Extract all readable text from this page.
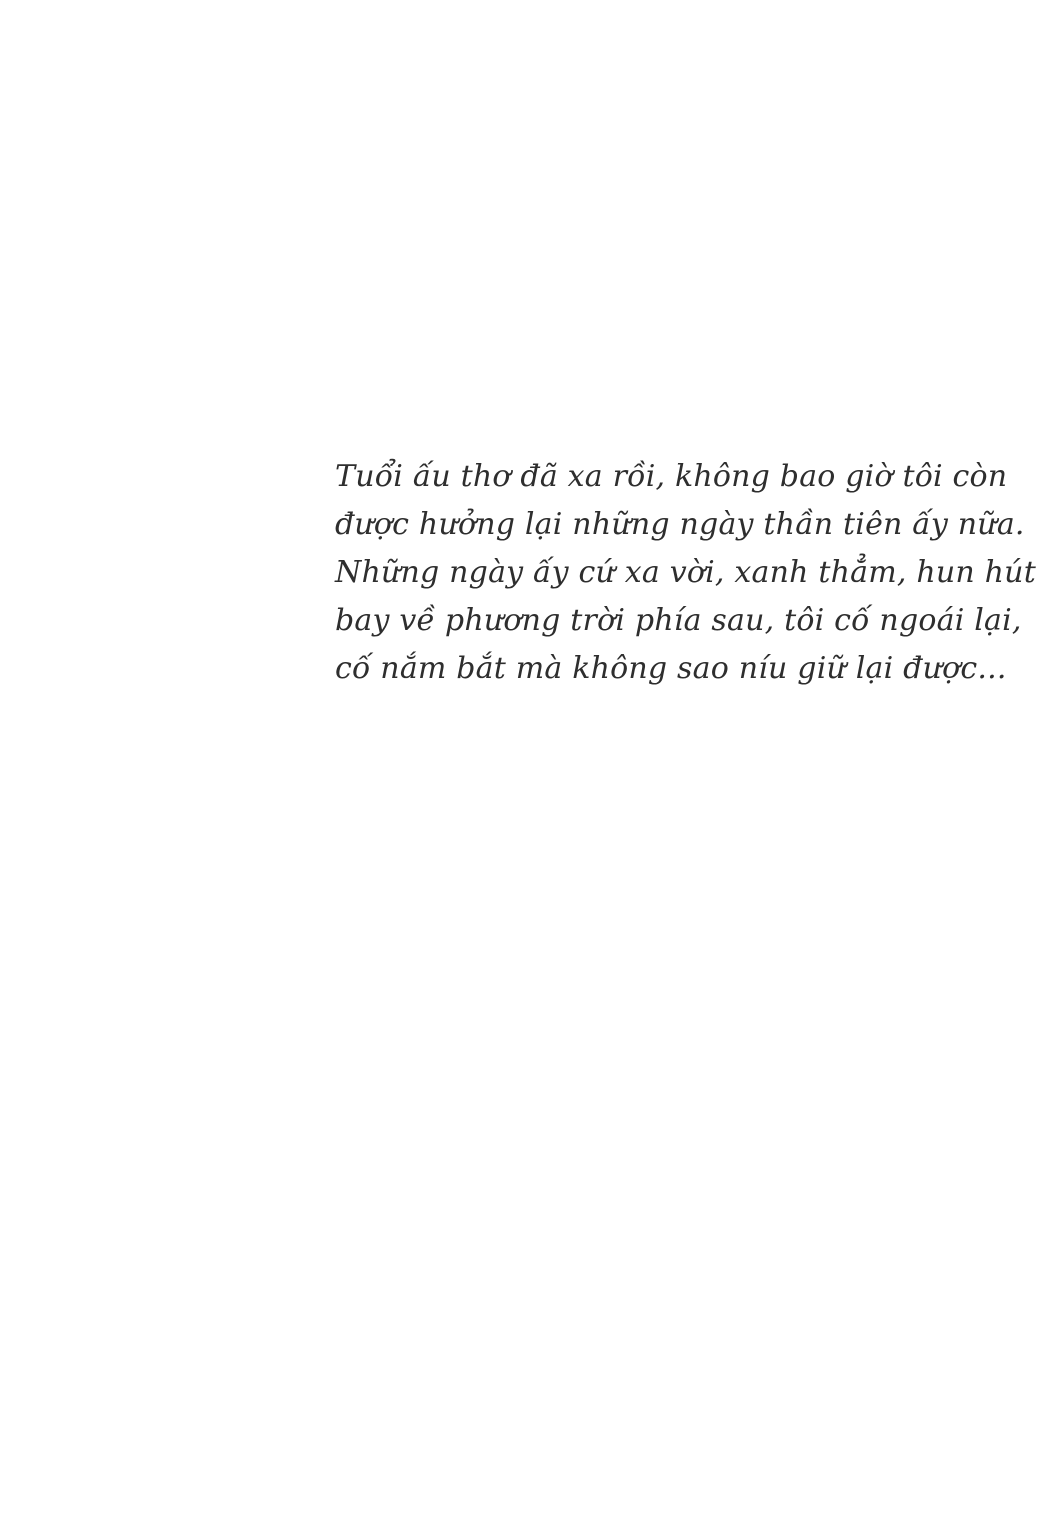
Tuổi ấu thơ đã xa rồi, không bao giờ tôi còn
được hưởng lại những ngày thần tiên ấy nữa.
Những ngày ấy cứ xa vời, xanh thẳm, hun hút
bay về phương trời phía sau, tôi cố ngoái lại,
cố nắm bắt mà không sao níu giữ lại được...
